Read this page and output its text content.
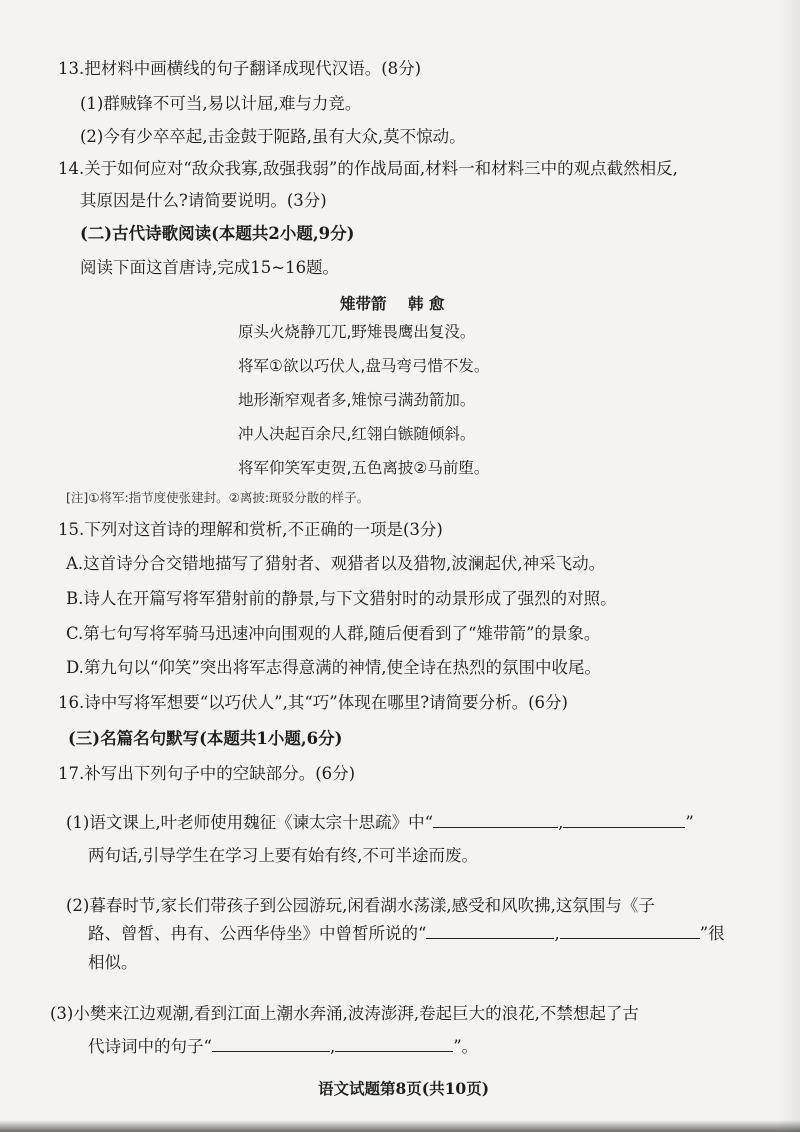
13.把材料中画横线的句子翻译成现代汉语。(8分)
(1)群贼锋不可当,易以计屈,难与力竞。
(2)今有少卒卒起,击金鼓于阨路,虽有大众,莫不惊动。
14.关于如何应对“敌众我寡,敌强我弱”的作战局面,材料一和材料三中的观点截然相反,
其原因是什么?请简要说明。(3分)
(二)古代诗歌阅读(本题共2小题,9分)
阅读下面这首唐诗,完成15~16题。
雉带箭 韩 愈
原头火烧静兀兀,野雉畏鹰出复没。
将军①欲以巧伏人,盘马弯弓惜不发。
地形渐窄观者多,雉惊弓满劲箭加。
冲人决起百余尺,红翎白镞随倾斜。
将军仰笑军吏贺,五色离披②马前堕。
[注]①将军:指节度使张建封。②离披:斑驳分散的样子。
15.下列对这首诗的理解和赏析,不正确的一项是(3分)
A.这首诗分合交错地描写了猎射者、观猎者以及猎物,波澜起伏,神采飞动。
B.诗人在开篇写将军猎射前的静景,与下文猎射时的动景形成了强烈的对照。
C.第七句写将军骑马迅速冲向围观的人群,随后便看到了“雉带箭”的景象。
D.第九句以“仰笑”突出将军志得意满的神情,使全诗在热烈的氛围中收尾。
16.诗中写将军想要“以巧伏人”,其“巧”体现在哪里?请简要分析。(6分)
(三)名篇名句默写(本题共1小题,6分)
17.补写出下列句子中的空缺部分。(6分)
(1)语文课上,叶老师使用魏征《谏太宗十思疏》中“	,	”
两句话,引导学生在学习上要有始有终,不可半途而废。
(2)暮春时节,家长们带孩子到公园游玩,闲看湖水荡漾,感受和风吹拂,这氛围与《子
路、曾皙、冉有、公西华侍坐》中曾皙所说的“	,	”很
相似。
(3)小樊来江边观潮,看到江面上潮水奔涌,波涛澎湃,卷起巨大的浪花,不禁想起了古
代诗词中的句子“	,	”。
语文试题第8页(共10页)
